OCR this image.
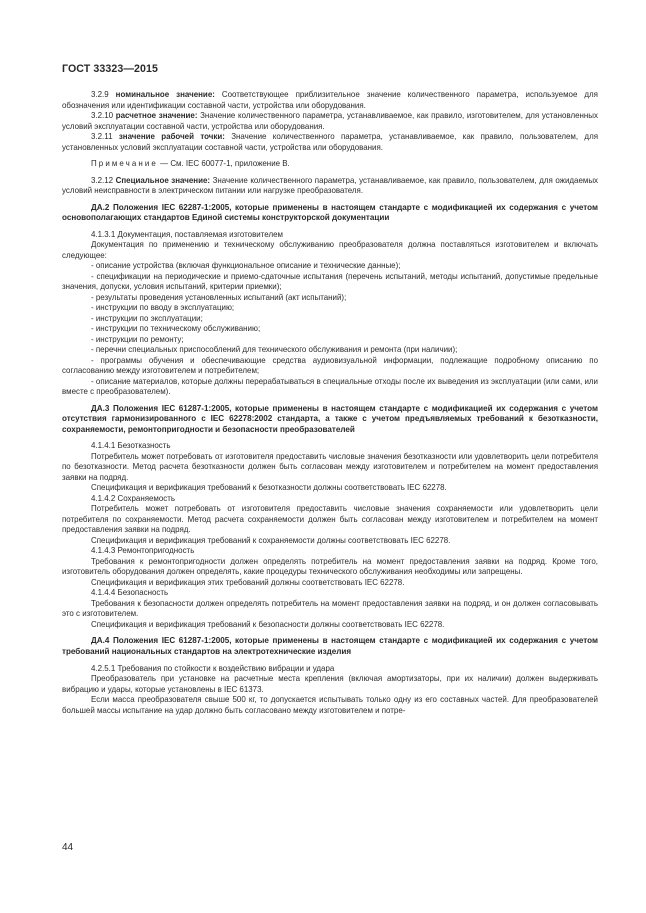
ГОСТ 33323—2015

3.2.9 номинальное значение: Соответствующее приблизительное значение количественного параметра, используемое для обозначения или идентификации составной части, устройства или оборудования.

3.2.10 расчетное значение: Значение количественного параметра, устанавливаемое, как правило, изготовителем, для установленных условий эксплуатации составной части, устройства или оборудования.

3.2.11 значение рабочей точки: Значение количественного параметра, устанавливаемое, как правило, пользователем, для установленных условий эксплуатации составной части, устройства или оборудования.

Примечание — См. IEC 60077-1, приложение В.

3.2.12 Специальное значение: Значение количественного параметра, устанавливаемое, как правило, пользователем, для ожидаемых условий неисправности в электрическом питании или нагрузке преобразователя.

ДА.2 Положения IEC 62287-1:2005, которые применены в настоящем стандарте с модификацией их содержания с учетом основополагающих стандартов Единой системы конструкторской документации

4.1.3.1 Документация, поставляемая изготовителем

Документация по применению и техническому обслуживанию преобразователя должна поставляться изготовителем и включать следующее:

- описание устройства (включая функциональное описание и технические данные);

- спецификации на периодические и приемо-сдаточные испытания (перечень испытаний, методы испытаний, допустимые предельные значения, допуски, условия испытаний, критерии приемки);

- результаты проведения установленных испытаний (акт испытаний);

- инструкции по вводу в эксплуатацию;

- инструкции по эксплуатации;

- инструкции по техническому обслуживанию;

- инструкции по ремонту;

- перечни специальных приспособлений для технического обслуживания и ремонта (при наличии);

- программы обучения и обеспечивающие средства аудиовизуальной информации, подлежащие подробному описанию по согласованию между изготовителем и потребителем;

- описание материалов, которые должны перерабатываться в специальные отходы после их выведения из эксплуатации (или сами, или вместе с преобразователем).

ДА.3 Положения IEC 61287-1:2005, которые применены в настоящем стандарте с модификацией их содержания с учетом отсутствия гармонизированного с IEC 62278:2002 стандарта, а также с учетом предъявляемых требований к безотказности, сохраняемости, ремонтопригодности и безопасности преобразователей

4.1.4.1 Безотказность

Потребитель может потребовать от изготовителя предоставить числовые значения безотказности или удовлетворить цели потребителя по безотказности. Метод расчета безотказности должен быть согласован между изготовителем и потребителем на момент предоставления заявки на подряд.

Спецификация и верификация требований к безотказности должны соответствовать IEC 62278.

4.1.4.2 Сохраняемость

Потребитель может потребовать от изготовителя предоставить числовые значения сохраняемости или удовлетворить цели потребителя по сохраняемости. Метод расчета сохраняемости должен быть согласован между изготовителем и потребителем на момент предоставления заявки на подряд.

Спецификация и верификация требований к сохраняемости должны соответствовать IEC 62278.

4.1.4.3 Ремонтопригодность

Требования к ремонтопригодности должен определять потребитель на момент предоставления заявки на подряд. Кроме того, изготовитель оборудования должен определять, какие процедуры технического обслуживания необходимы или запрещены.

Спецификация и верификация этих требований должны соответствовать IEC 62278.

4.1.4.4 Безопасность

Требования к безопасности должен определять потребитель на момент предоставления заявки на подряд, и он должен согласовывать это с изготовителем.

Спецификация и верификация требований к безопасности должны соответствовать IEC 62278.

ДА.4 Положения IEC 61287-1:2005, которые применены в настоящем стандарте с модификацией их содержания с учетом требований национальных стандартов на электротехнические изделия

4.2.5.1 Требования по стойкости к воздействию вибрации и удара

Преобразователь при установке на расчетные места крепления (включая амортизаторы, при их наличии) должен выдерживать вибрацию и удары, которые установлены в IEC 61373.

Если масса преобразователя свыше 500 кг, то допускается испытывать только одну из его составных частей. Для преобразователей большей массы испытание на удар должно быть согласовано между изготовителем и потре-

44
